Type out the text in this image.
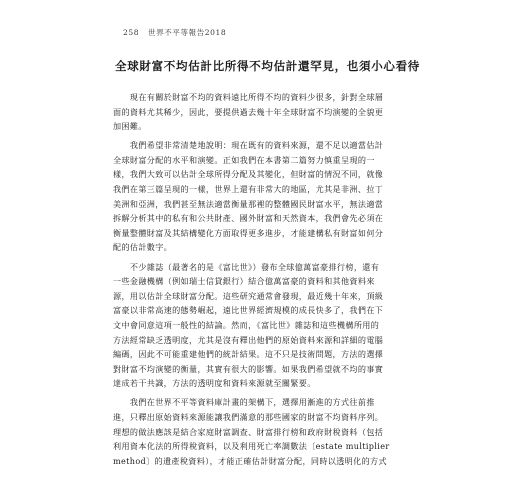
258 世界不平等報告2018
全球財富不均估計比所得不均估計還罕見，也須小心看待
　　現在有關於財富不均的資料遠比所得不均的資料少很多，針對全球層
面的資料尤其稀少，因此，要提供過去幾十年全球財富不均演變的全貌更
加困難。
　　我們希望非常清楚地說明：現在既有的資料來源，還不足以適當估計
全球財富分配的水平和演變。正如我們在本書第二篇努力慎重呈現的一
樣，我們大致可以估計全球所得分配及其變化，但財富的情況不同，就像
我們在第三篇呈現的一樣，世界上還有非常大的地區，尤其是非洲、拉丁
美洲和亞洲，我們甚至無法適當衡量那裡的整體國民財富水平，無法適當
拆解分析其中的私有和公共財產、國外財富和天然資本，我們會先必須在
衡量整體財富及其結構變化方面取得更多進步，才能建構私有財富如何分
配的估計數字。
　　不少雜誌（最著名的是《富比世》）發布全球億萬富豪排行榜，還有
一些金融機構（例如瑞士信貸銀行）結合億萬富豪的資料和其他資料來
源，用以估計全球財富分配。這些研究通常會發現，最近幾十年來，頂級
富豪以非常高速的態勢崛起，遠比世界經濟規模的成長快多了，我們在下
文中會同意這項一般性的結論。然而，《富比世》雜誌和這些機構所用的
方法經常缺乏透明度，尤其是沒有釋出他們的原始資料來源和詳細的電腦
編碼，因此不可能重建他們的統計結果。這不只是技術問題，方法的選擇
對財富不均演變的衡量，其實有很大的影響。如果我們希望就不均的事實
達成若干共識，方法的透明度和資料來源就至關緊要。
　　我們在世界不平等資料庫計畫的架構下，選擇用漸進的方式往前推
進，只釋出原始資料來源能讓我們滿意的那些國家的財富不均資料序列。
理想的做法應該是結合家庭財富調查、財富排行榜和政府財稅資料（包括
利用資本化法的所得稅資料，以及利用死亡率調數法〔estate multiplier
method〕的遺產稅資料），才能正確估計財富分配，同時以透明化的方式
